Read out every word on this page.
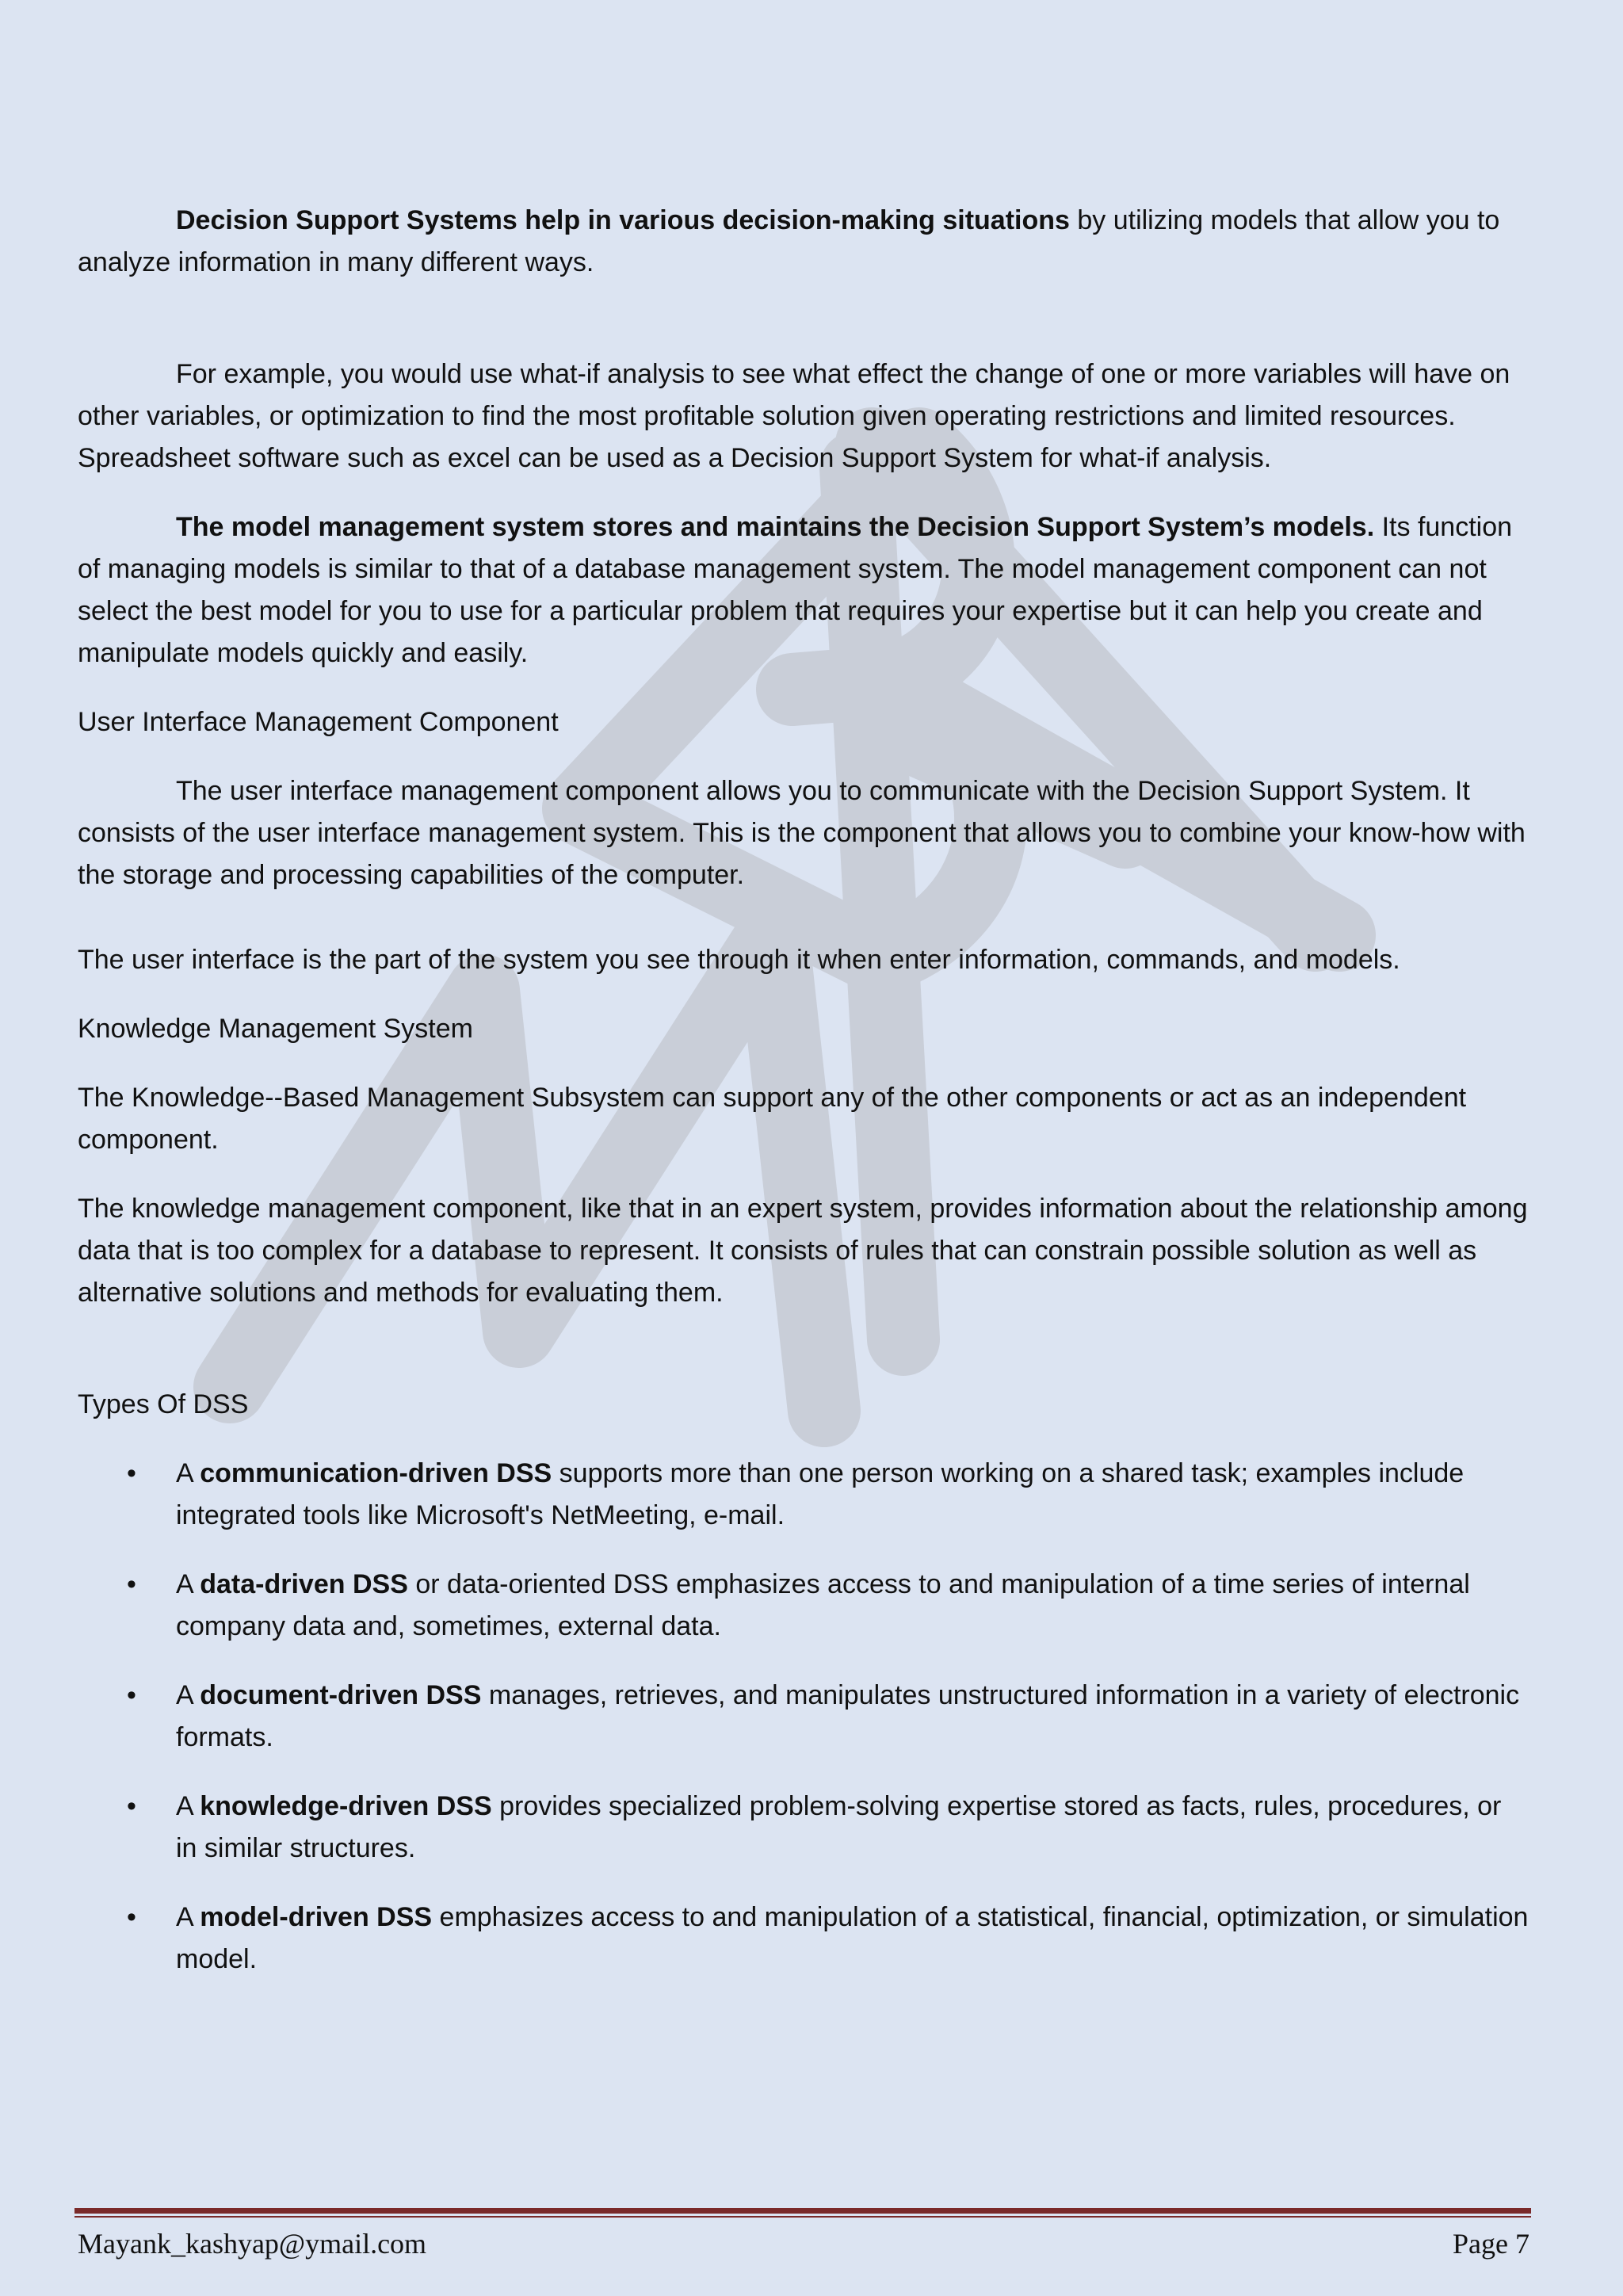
Decision Support Systems help in various decision-making situations by utilizing models that allow you to analyze information in many different ways.

For example, you would use what-if analysis to see what effect the change of one or more variables will have on other variables, or optimization to find the most profitable solution given operating restrictions and limited resources. Spreadsheet software such as excel can be used as a Decision Support System for what-if analysis.

The model management system stores and maintains the Decision Support System’s models. Its function of managing models is similar to that of a database management system. The model management component can not select the best model for you to use for a particular problem that requires your expertise but it can help you create and manipulate models quickly and easily.

User Interface Management Component

The user interface management component allows you to communicate with the Decision Support System. It consists of the user interface management system. This is the component that allows you to combine your know-how with the storage and processing capabilities of the computer.

The user interface is the part of the system you see through it when enter information, commands, and models.

Knowledge Management System

The Knowledge--Based Management Subsystem can support any of the other components or act as an independent component.

The knowledge management component, like that in an expert system, provides information about the relationship among data that is too complex for a database to represent. It consists of rules that can constrain possible solution as well as alternative solutions and methods for evaluating them.

Types Of DSS

• A communication-driven DSS supports more than one person working on a shared task; examples include integrated tools like Microsoft's NetMeeting, e-mail.
• A data-driven DSS or data-oriented DSS emphasizes access to and manipulation of a time series of internal company data and, sometimes, external data.
• A document-driven DSS manages, retrieves, and manipulates unstructured information in a variety of electronic formats.
• A knowledge-driven DSS provides specialized problem-solving expertise stored as facts, rules, procedures, or in similar structures.
• A model-driven DSS emphasizes access to and manipulation of a statistical, financial, optimization, or simulation model.
Mayank_kashyap@ymail.com	Page 7
